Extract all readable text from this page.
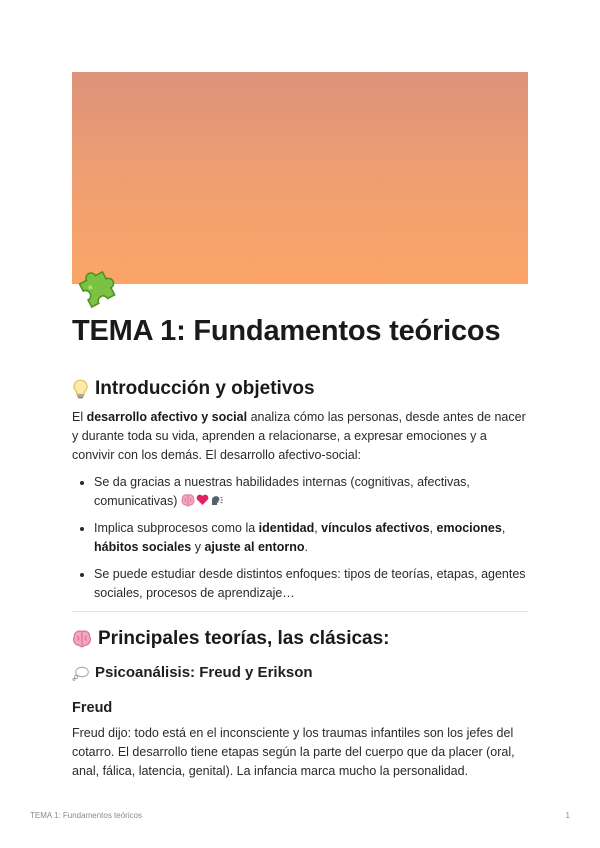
TEMA 1: Fundamentos teóricos
Introducción y objetivos

El desarrollo afectivo y social analiza cómo las personas, desde antes de nacer y durante toda su vida, aprenden a relacionarse, a expresar emociones y a convivir con los demás. El desarrollo afectivo-social:

• Se da gracias a nuestras habilidades internas (cognitivas, afectivas, comunicativas)
• Implica subprocesos como la identidad, vínculos afectivos, emociones, hábitos sociales y ajuste al entorno.
• Se puede estudiar desde distintos enfoques: tipos de teorías, etapas, agentes sociales, procesos de aprendizaje…
Principales teorías, las clásicas:
Psicoanálisis: Freud y Erikson
Freud

Freud dijo: todo está en el inconsciente y los traumas infantiles son los jefes del cotarro. El desarrollo tiene etapas según la parte del cuerpo que da placer (oral, anal, fálica, latencia, genital). La infancia marca mucho la personalidad.

TEMA 1: Fundamentos teóricos	1
